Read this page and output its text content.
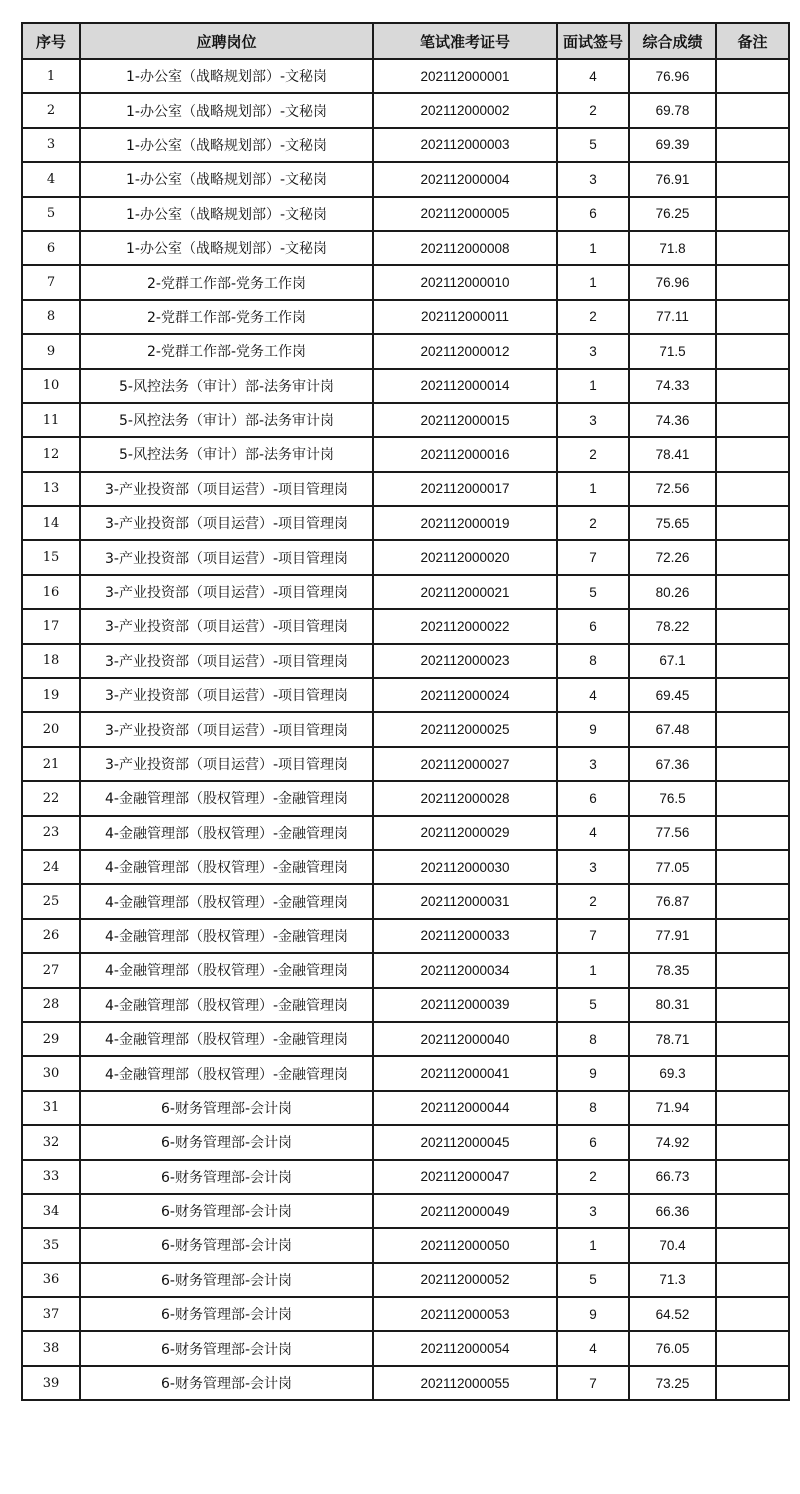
序号	应聘岗位	笔试准考证号	面试签号	综合成绩	备注
1	1-办公室（战略规划部）-文秘岗	202112000001	4	76.96	
2	1-办公室（战略规划部）-文秘岗	202112000002	2	69.78	
3	1-办公室（战略规划部）-文秘岗	202112000003	5	69.39	
4	1-办公室（战略规划部）-文秘岗	202112000004	3	76.91	
5	1-办公室（战略规划部）-文秘岗	202112000005	6	76.25	
6	1-办公室（战略规划部）-文秘岗	202112000008	1	71.8	
7	2-党群工作部-党务工作岗	202112000010	1	76.96	
8	2-党群工作部-党务工作岗	202112000011	2	77.11	
9	2-党群工作部-党务工作岗	202112000012	3	71.5	
10	5-风控法务（审计）部-法务审计岗	202112000014	1	74.33	
11	5-风控法务（审计）部-法务审计岗	202112000015	3	74.36	
12	5-风控法务（审计）部-法务审计岗	202112000016	2	78.41	
13	3-产业投资部（项目运营）-项目管理岗	202112000017	1	72.56	
14	3-产业投资部（项目运营）-项目管理岗	202112000019	2	75.65	
15	3-产业投资部（项目运营）-项目管理岗	202112000020	7	72.26	
16	3-产业投资部（项目运营）-项目管理岗	202112000021	5	80.26	
17	3-产业投资部（项目运营）-项目管理岗	202112000022	6	78.22	
18	3-产业投资部（项目运营）-项目管理岗	202112000023	8	67.1	
19	3-产业投资部（项目运营）-项目管理岗	202112000024	4	69.45	
20	3-产业投资部（项目运营）-项目管理岗	202112000025	9	67.48	
21	3-产业投资部（项目运营）-项目管理岗	202112000027	3	67.36	
22	4-金融管理部（股权管理）-金融管理岗	202112000028	6	76.5	
23	4-金融管理部（股权管理）-金融管理岗	202112000029	4	77.56	
24	4-金融管理部（股权管理）-金融管理岗	202112000030	3	77.05	
25	4-金融管理部（股权管理）-金融管理岗	202112000031	2	76.87	
26	4-金融管理部（股权管理）-金融管理岗	202112000033	7	77.91	
27	4-金融管理部（股权管理）-金融管理岗	202112000034	1	78.35	
28	4-金融管理部（股权管理）-金融管理岗	202112000039	5	80.31	
29	4-金融管理部（股权管理）-金融管理岗	202112000040	8	78.71	
30	4-金融管理部（股权管理）-金融管理岗	202112000041	9	69.3	
31	6-财务管理部-会计岗	202112000044	8	71.94	
32	6-财务管理部-会计岗	202112000045	6	74.92	
33	6-财务管理部-会计岗	202112000047	2	66.73	
34	6-财务管理部-会计岗	202112000049	3	66.36	
35	6-财务管理部-会计岗	202112000050	1	70.4	
36	6-财务管理部-会计岗	202112000052	5	71.3	
37	6-财务管理部-会计岗	202112000053	9	64.52	
38	6-财务管理部-会计岗	202112000054	4	76.05	
39	6-财务管理部-会计岗	202112000055	7	73.25	
